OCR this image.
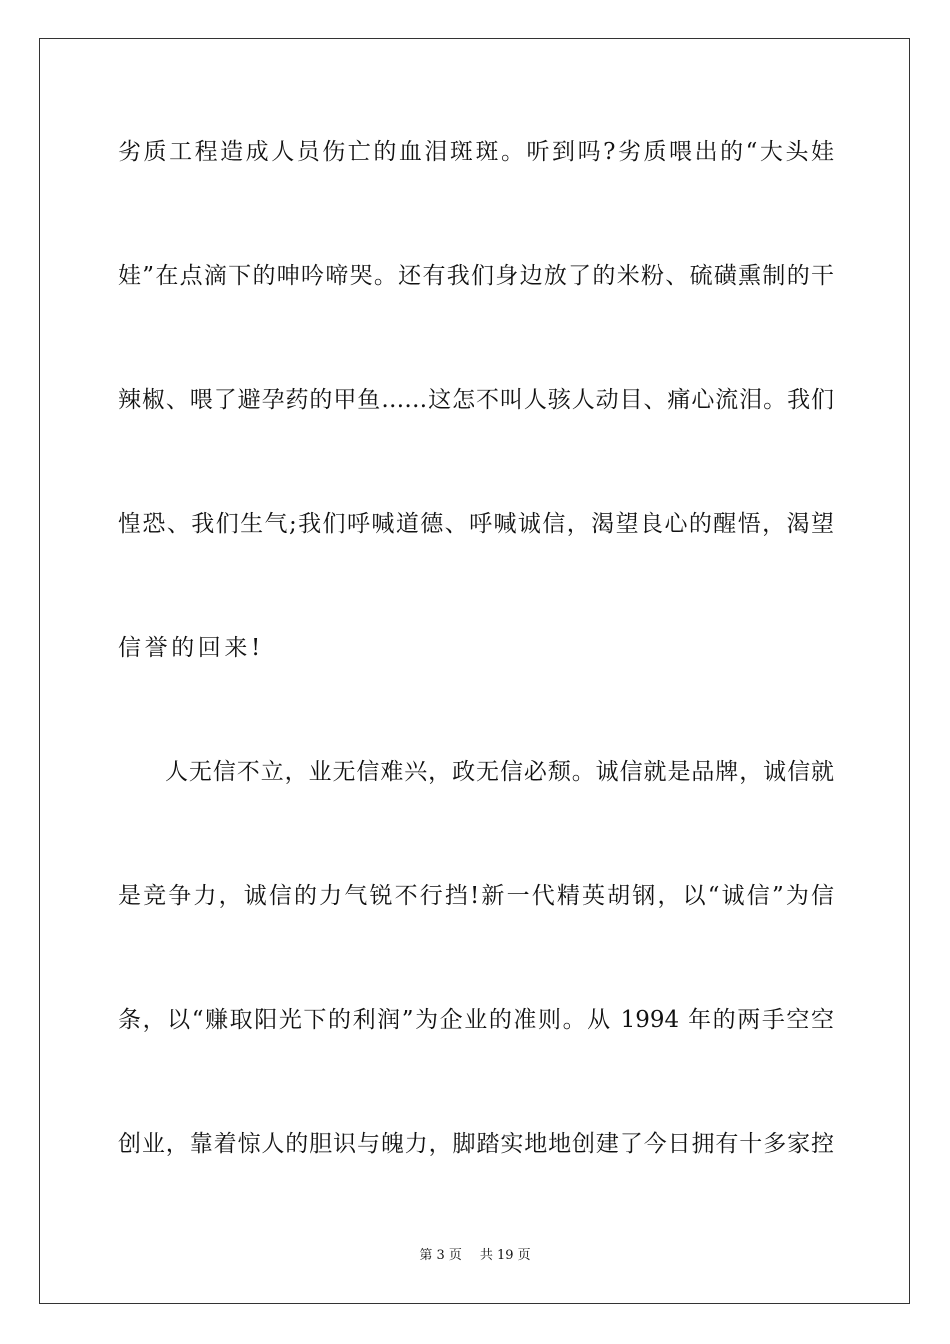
劣质工程造成人员伤亡的血泪斑斑。听到吗?劣质喂出的“大头娃
娃”在点滴下的呻吟啼哭。还有我们身边放了的米粉、硫磺熏制的干
辣椒、喂了避孕药的甲鱼……这怎不叫人骇人动目、痛心流泪。我们
惶恐、我们生气;我们呼喊道德、呼喊诚信，渴望良心的醒悟，渴望
信誉的回来!
人无信不立，业无信难兴，政无信必颓。诚信就是品牌，诚信就
是竞争力，诚信的力气锐不行挡!新一代精英胡钢，以“诚信”为信
条，以“赚取阳光下的利润”为企业的准则。从 1994 年的两手空空
创业，靠着惊人的胆识与魄力，脚踏实地地创建了今日拥有十多家控
第 3 页 共 19 页
